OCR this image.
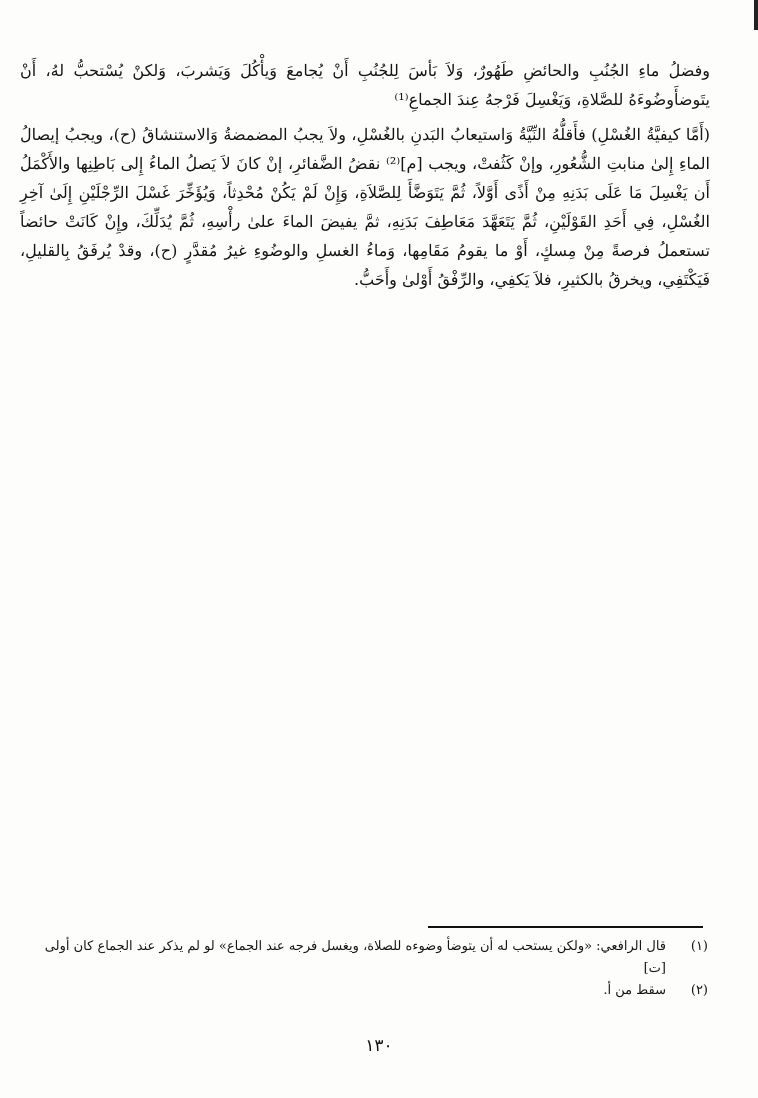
وفضلُ ماءِ الجُنُبِ والحائضِ طَهُورٌ، وَلاَ بَأسَ لِلجُنُبِ أَنْ يُجامعَ وَيأْكُلَ وَيَشربَ، وَلكنْ يُسْتحبُّ لهُ، أَنْ يتَوضأَوضُوءَهُ للصَّلاةِ، وَيَغْسِلَ فَرْجهُ عِندَ الجماعِ⁽¹⁾

(أَمَّا كيفيَّةُ الغُسْلِ) فأَقلُّهُ النِّيَّةُ وَاستيعابُ البَدنِ بالغُسْلِ، ولاَ يجبُ المضمضةُ وَالاستنشاقُ (ح)، ويجبُ إيصالُ الماءِ إِلىٰ منابتِ الشُّعُورِ، وإنْ كَثُفتْ، ويجب [م]⁽²⁾ نقضُ الضَّفائرِ، إنْ كانَ لاَ يَصلُ الماءُ إِلى بَاطِنِها والأَكْمَلُ أَن يَغْسِلَ مَا عَلَى بَدَنِهِ مِنْ أَذًى أَوَّلاً، ثُمَّ يَتَوَضَّأَ لِلصَّلاَةِ، وَإِنْ لَمْ يَكُنْ مُحْدِثاً، وَيُؤَخِّرَ غَسْلَ الرِّجْلَيْنِ إِلَىٰ آخِرِ الغُسْلِ، فِي أَحَدِ القَوْلَيْنِ، ثُمَّ يَتَعَهَّدَ مَعَاطِفَ بَدَنِهِ، ثمَّ يفيضَ الماءَ علىٰ رأْسِهِ، ثُمَّ يُدَلِّكَ، وإِنْ كَانَتْ حائضاً تستعملُ فرصةً مِنْ مِسكٍ، أَوْ ما يقومُ مَقَامِها، وَماءُ الغسلِ والوضُوءِ غيرُ مُقدَّرٍ (ح)، وقدْ يُرفَقُ بِالقليلِ، فَيَكْتَفِي، ويخرقُ بالكثيرِ، فلاَ يَكفِي، والرِّفْقُ أَوْلىٰ وأَحَبُّ.

(١)
قال الرافعي: «ولكن يستحب له أن يتوضأ وضوءه للصلاة، ويغسل فرجه عند الجماع» لو لم يذكر عند الجماع كان أولى [ت]
(٢)
سقط من أ.
١٣٠
